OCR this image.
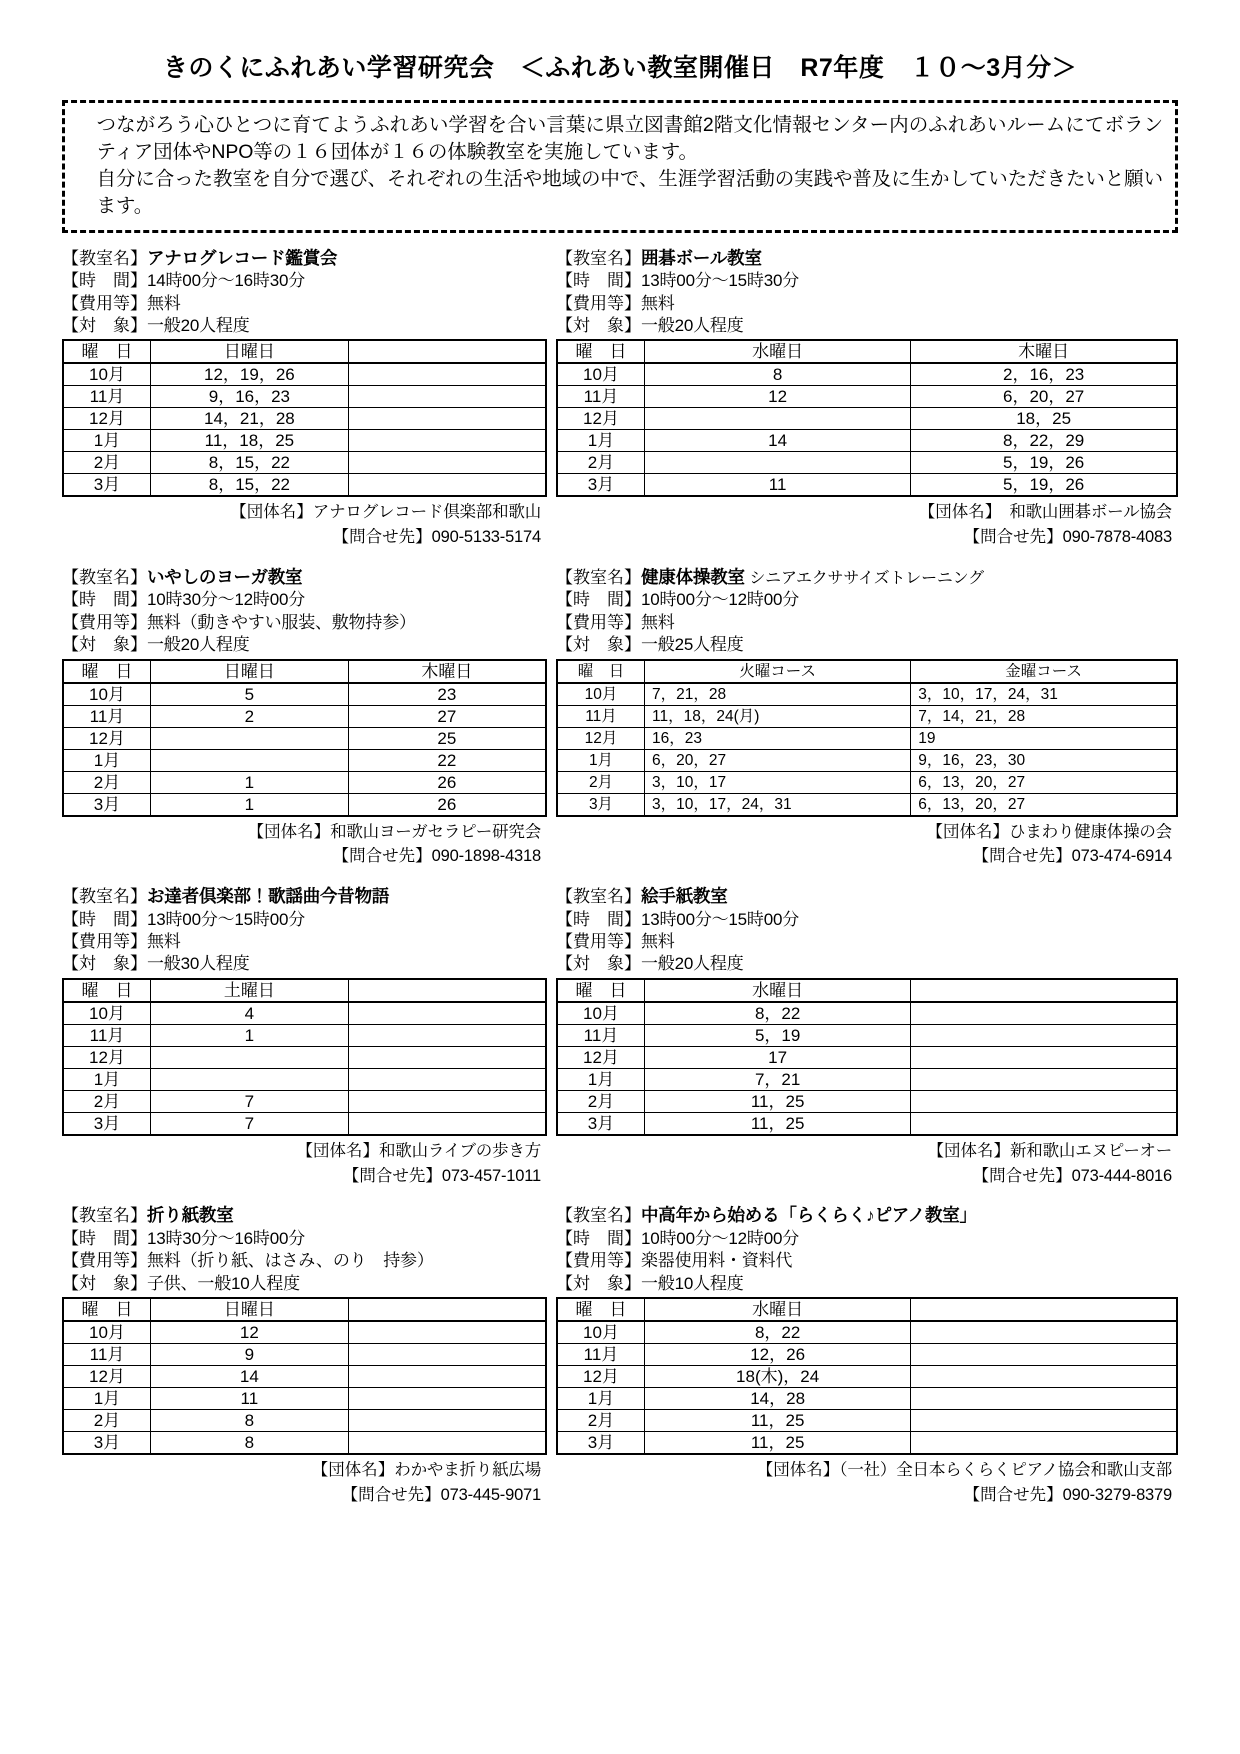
きのくにふれあい学習研究会　＜ふれあい教室開催日　R7年度　１０～3月分＞

つながろう心ひとつに育てようふれあい学習を合い言葉に県立図書館2階文化情報センター内のふれあいルームにてボランティア団体やNPO等の１６団体が１６の体験教室を実施しています。

自分に合った教室を自分で選び、それぞれの生活や地域の中で、生涯学習活動の実践や普及に生かしていただきたいと願います。

【教室名】アナログレコード鑑賞会
【時　間】14時00分～16時30分
【費用等】無料
【対　象】一般20人程度
曜　日	日曜日	
10月	12，19，26	
11月	9，16，23	
12月	14，21，28	
1月	11，18，25	
2月	8，15，22	
3月	8，15，22	
【団体名】アナログレコード倶楽部和歌山
【問合せ先】090-5133-5174
【教室名】囲碁ボール教室
【時　間】13時00分～15時30分
【費用等】無料
【対　象】一般20人程度
曜　日	水曜日	木曜日
10月	8	2，16，23
11月	12	6，20，27
12月		18，25
1月	14	8，22，29
2月		5，19，26
3月	11	5，19，26
【団体名】　和歌山囲碁ボール協会
【問合せ先】090-7878-4083
【教室名】いやしのヨーガ教室
【時　間】10時30分～12時00分
【費用等】無料（動きやすい服装、敷物持参）
【対　象】一般20人程度
曜　日	日曜日	木曜日
10月	5	23
11月	2	27
12月		25
1月		22
2月	1	26
3月	1	26
【団体名】和歌山ヨーガセラピー研究会
【問合せ先】090-1898-4318
【教室名】健康体操教室 シニアエクササイズトレーニング
【時　間】10時00分～12時00分
【費用等】無料
【対　象】一般25人程度
曜　日	火曜コース	金曜コース
10月	7，21，28	3，10，17，24，31
11月	11，18，24(月)	7，14，21，28
12月	16，23	19
1月	6，20，27	9，16，23，30
2月	3，10，17	6，13，20，27
3月	3，10，17，24，31	6，13，20，27
【団体名】ひまわり健康体操の会
【問合せ先】073-474-6914
【教室名】お達者倶楽部！歌謡曲今昔物語
【時　間】13時00分～15時00分
【費用等】無料
【対　象】一般30人程度
曜　日	土曜日	
10月	4	
11月	1	
12月		
1月		
2月	7	
3月	7	
【団体名】和歌山ライブの歩き方
【問合せ先】073-457-1011
【教室名】絵手紙教室
【時　間】13時00分～15時00分
【費用等】無料
【対　象】一般20人程度
曜　日	水曜日	
10月	8，22	
11月	5，19	
12月	17	
1月	7，21	
2月	11，25	
3月	11，25	
【団体名】新和歌山エヌピーオー
【問合せ先】073-444-8016
【教室名】折り紙教室
【時　間】13時30分～16時00分
【費用等】無料（折り紙、はさみ、のり　持参）
【対　象】子供、一般10人程度
曜　日	日曜日	
10月	12	
11月	9	
12月	14	
1月	11	
2月	8	
3月	8	
【団体名】わかやま折り紙広場
【問合せ先】073-445-9071
【教室名】中高年から始める「らくらく♪ピアノ教室」
【時　間】10時00分～12時00分
【費用等】楽器使用料・資料代
【対　象】一般10人程度
曜　日	水曜日	
10月	8，22	
11月	12，26	
12月	18(木)，24	
1月	14，28	
2月	11，25	
3月	11，25	
【団体名】（一社）全日本らくらくピアノ協会和歌山支部
【問合せ先】090-3279-8379
